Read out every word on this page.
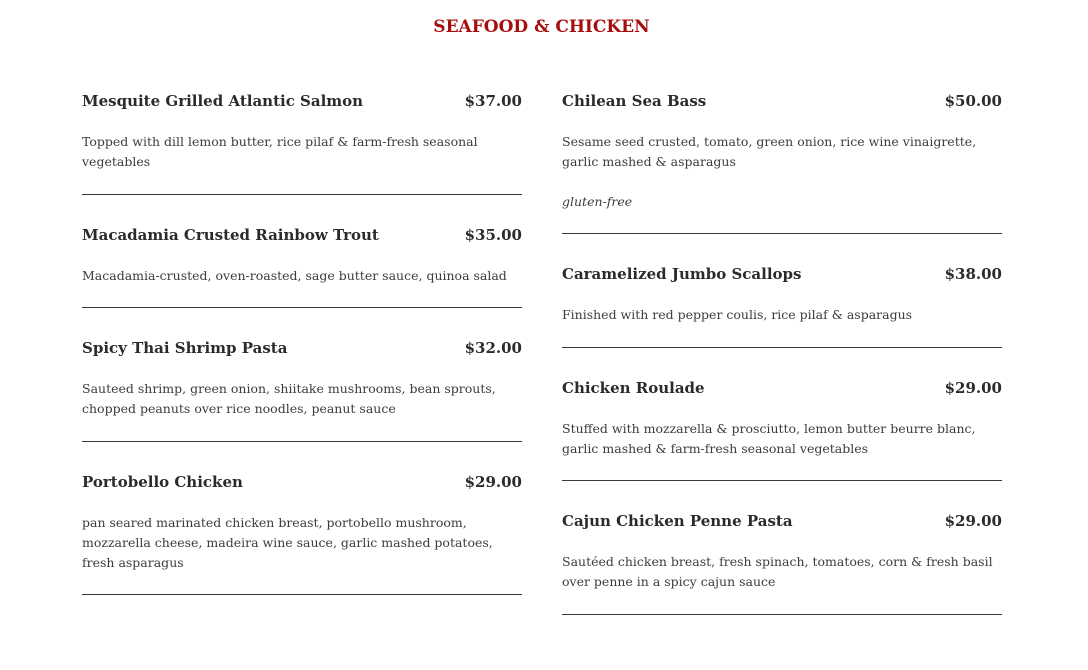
SEAFOOD & CHICKEN
Mesquite Grilled Atlantic Salmon	$37.00
Topped with dill lemon butter, rice pilaf & farm-fresh seasonal vegetables
Macadamia Crusted Rainbow Trout	$35.00
Macadamia-crusted, oven-roasted, sage butter sauce, quinoa salad
Spicy Thai Shrimp Pasta	$32.00
Sauteed shrimp, green onion, shiitake mushrooms, bean sprouts, chopped peanuts over rice noodles, peanut sauce
Portobello Chicken	$29.00
pan seared marinated chicken breast, portobello mushroom, mozzarella cheese, madeira wine sauce, garlic mashed potatoes, fresh asparagus
Chilean Sea Bass	$50.00
Sesame seed crusted, tomato, green onion, rice wine vinaigrette, garlic mashed & asparagus
gluten-free
Caramelized Jumbo Scallops	$38.00
Finished with red pepper coulis, rice pilaf & asparagus
Chicken Roulade	$29.00
Stuffed with mozzarella & prosciutto, lemon butter beurre blanc, garlic mashed & farm-fresh seasonal vegetables
Cajun Chicken Penne Pasta	$29.00
Sautéed chicken breast, fresh spinach, tomatoes, corn & fresh basil over penne in a spicy cajun sauce
